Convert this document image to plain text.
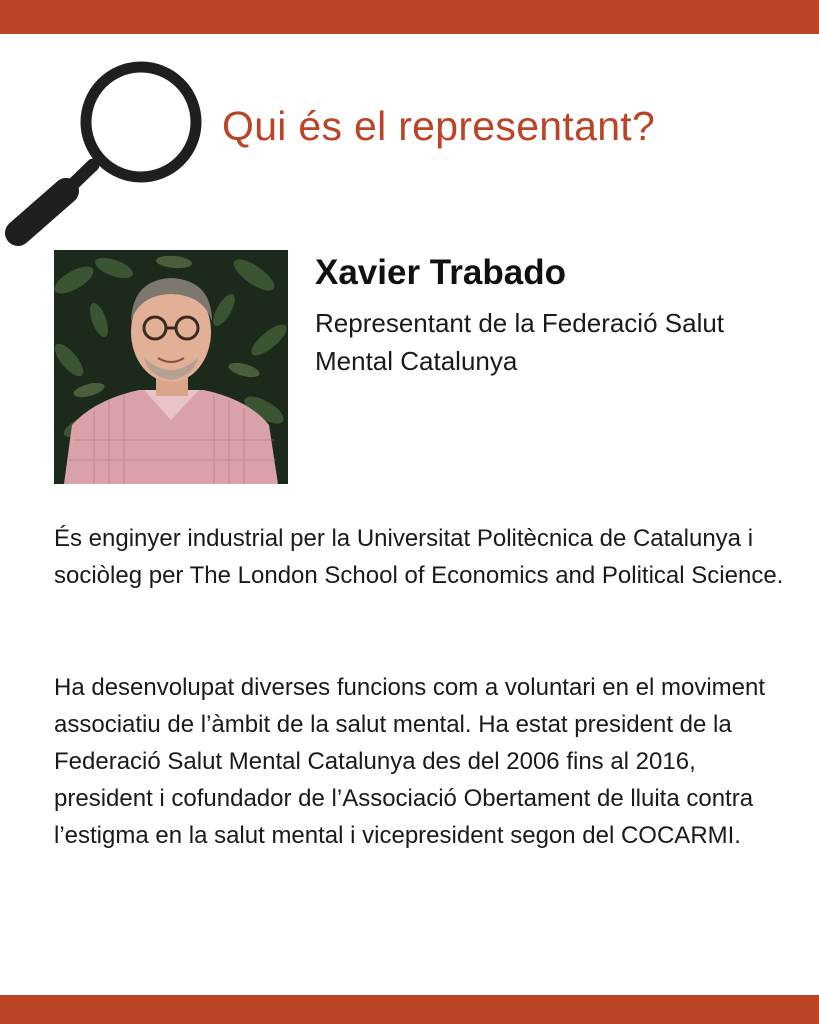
Qui és el representant?
Xavier Trabado
Representant de la Federació Salut Mental Catalunya

És enginyer industrial per la Universitat Politècnica de Catalunya i sociòleg per The London School of Economics and Political Science.

Ha desenvolupat diverses funcions com a voluntari en el moviment associatiu de l’àmbit de la salut mental. Ha estat president de la Federació Salut Mental Catalunya des del 2006 fins al 2016, president i cofundador de l’Associació Obertament de lluita contra l’estigma en la salut mental i vicepresident segon del COCARMI.
